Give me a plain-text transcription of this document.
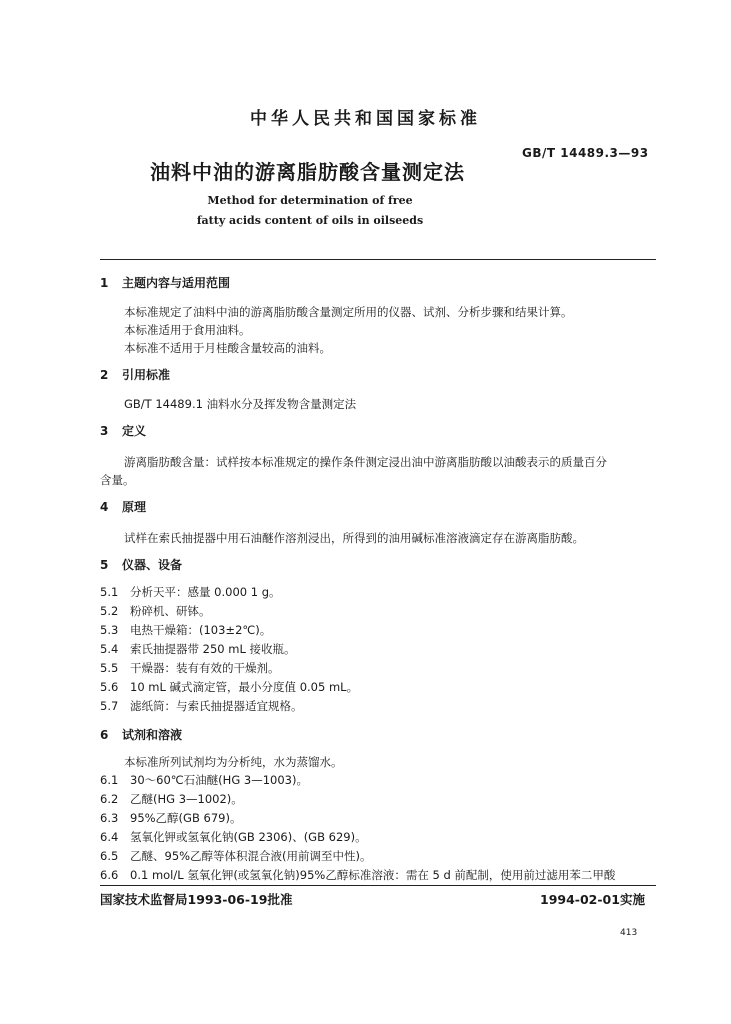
中华人民共和国国家标准
GB/T 14489.3—93
油料中油的游离脂肪酸含量测定法
Method for determination of free
fatty acids content of oils in oilseeds
1 主题内容与适用范围
本标准规定了油料中油的游离脂肪酸含量测定所用的仪器、试剂、分析步骤和结果计算。
本标准适用于食用油料。
本标准不适用于月桂酸含量较高的油料。
2 引用标准
GB/T 14489.1 油料水分及挥发物含量测定法
3 定义
游离脂肪酸含量：试样按本标准规定的操作条件测定浸出油中游离脂肪酸以油酸表示的质量百分
含量。
4 原理
试样在索氏抽提器中用石油醚作溶剂浸出，所得到的油用碱标准溶液滴定存在游离脂肪酸。
5 仪器、设备
5.1 分析天平：感量 0.000 1 g。
5.2 粉碎机、研钵。
5.3 电热干燥箱：(103±2℃)。
5.4 索氏抽提器带 250 mL 接收瓶。
5.5 干燥器：装有有效的干燥剂。
5.6 10 mL 碱式滴定管，最小分度值 0.05 mL。
5.7 滤纸筒：与索氏抽提器适宜规格。
6 试剂和溶液
本标准所列试剂均为分析纯，水为蒸馏水。
6.1 30～60℃石油醚(HG 3—1003)。
6.2 乙醚(HG 3—1002)。
6.3 95%乙醇(GB 679)。
6.4 氢氧化钾或氢氧化钠(GB 2306)、(GB 629)。
6.5 乙醚、95%乙醇等体积混合液(用前调至中性)。
6.6 0.1 mol/L 氢氧化钾(或氢氧化钠)95%乙醇标准溶液：需在 5 d 前配制，使用前过滤用苯二甲酸
国家技术监督局1993-06-19批准	1994-02-01实施
413
